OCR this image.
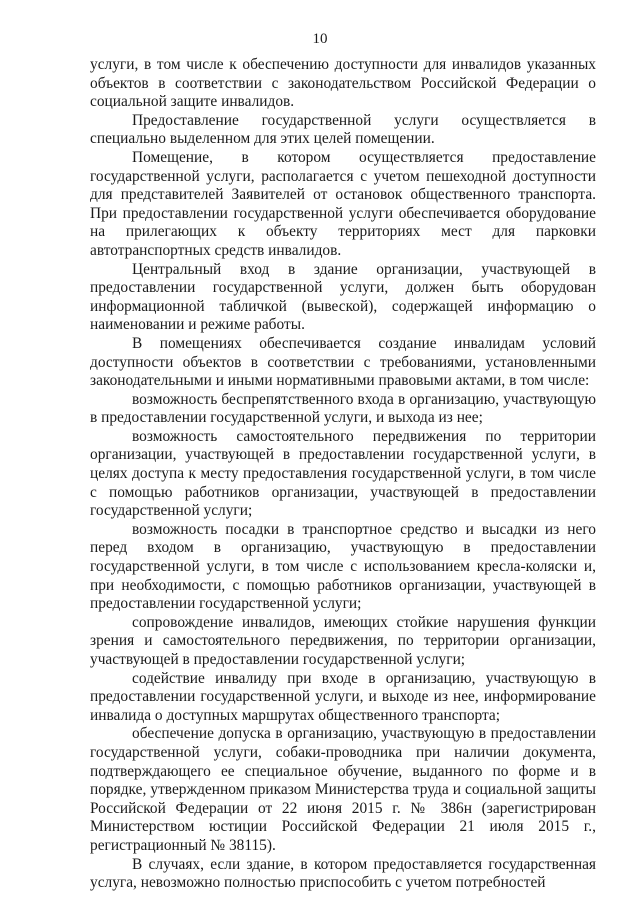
10

услуги, в том числе к обеспечению доступности для инвалидов указанных объектов в соответствии с законодательством Российской Федерации о социальной защите инвалидов.

Предоставление государственной услуги осуществляется в специально выделенном для этих целей помещении.

Помещение, в котором осуществляется предоставление государственной услуги, располагается с учетом пешеходной доступности для представителей Заявителей от остановок общественного транспорта. При предоставлении государственной услуги обеспечивается оборудование на прилегающих к объекту территориях мест для парковки автотранспортных средств инвалидов.

Центральный вход в здание организации, участвующей в предоставлении государственной услуги, должен быть оборудован информационной табличкой (вывеской), содержащей информацию о наименовании и режиме работы.

В помещениях обеспечивается создание инвалидам условий доступности объектов в соответствии с требованиями, установленными законодательными и иными нормативными правовыми актами, в том числе:

возможность беспрепятственного входа в организацию, участвующую в предоставлении государственной услуги, и выхода из нее;

возможность самостоятельного передвижения по территории организации, участвующей в предоставлении государственной услуги, в целях доступа к месту предоставления государственной услуги, в том числе с помощью работников организации, участвующей в предоставлении государственной услуги;

возможность посадки в транспортное средство и высадки из него перед входом в организацию, участвующую в предоставлении государственной услуги, в том числе с использованием кресла-коляски и, при необходимости, с помощью работников организации, участвующей в предоставлении государственной услуги;

сопровождение инвалидов, имеющих стойкие нарушения функции зрения и самостоятельного передвижения, по территории организации, участвующей в предоставлении государственной услуги;

содействие инвалиду при входе в организацию, участвующую в предоставлении государственной услуги, и выходе из нее, информирование инвалида о доступных маршрутах общественного транспорта;

обеспечение допуска в организацию, участвующую в предоставлении государственной услуги, собаки-проводника при наличии документа, подтверждающего ее специальное обучение, выданного по форме и в порядке, утвержденном приказом Министерства труда и социальной защиты Российской Федерации от 22 июня 2015 г. № 386н (зарегистрирован Министерством юстиции Российской Федерации 21 июля 2015 г., регистрационный № 38115).

В случаях, если здание, в котором предоставляется государственная услуга, невозможно полностью приспособить с учетом потребностей
